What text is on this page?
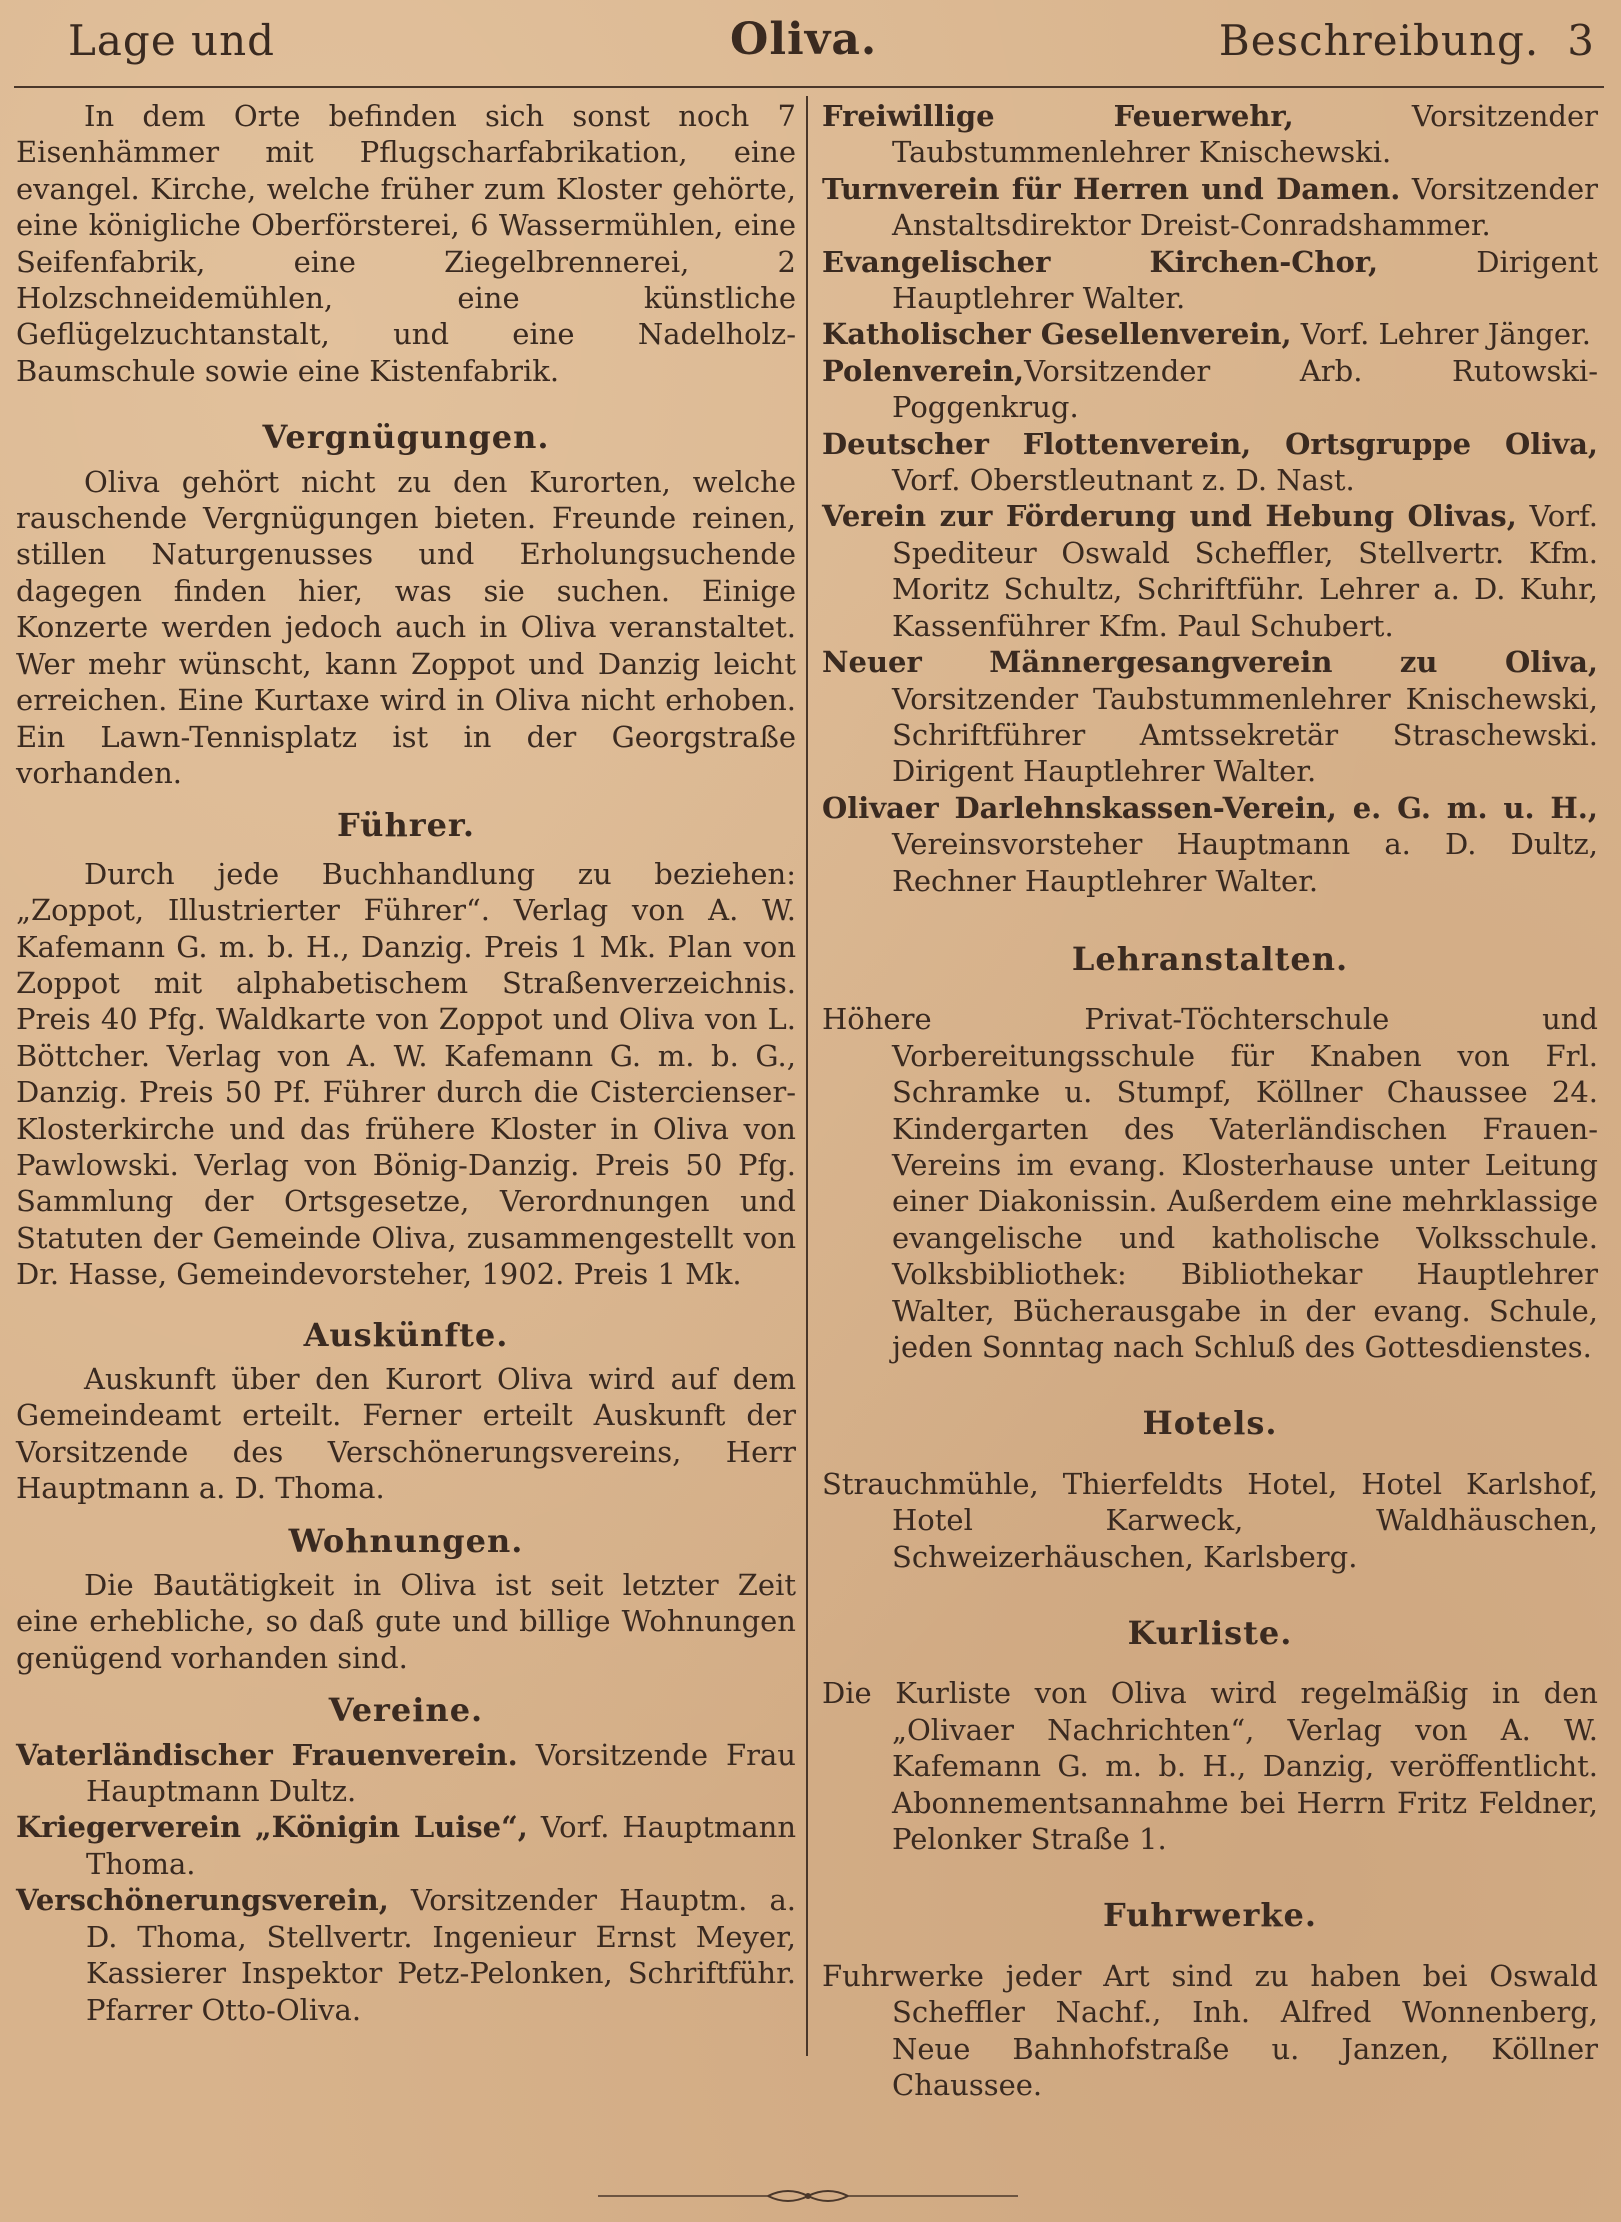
Lage und	Oliva.	Beschreibung. 3

In dem Orte befinden sich sonst noch 7 Eisenhämmer mit Pflugscharfabrikation, eine evangel. Kirche, welche früher zum Kloster gehörte, eine königliche Oberförsterei, 6 Wassermühlen, eine Seifenfabrik, eine Ziegelbrennerei, 2 Holzschneidemühlen, eine künstliche Geflügelzuchtanstalt, und eine Nadelholz-Baumschule sowie eine Kistenfabrik.

Vergnügungen.

Oliva gehört nicht zu den Kurorten, welche rauschende Vergnügungen bieten. Freunde reinen, stillen Naturgenusses und Erholungsuchende dagegen finden hier, was sie suchen. Einige Konzerte werden jedoch auch in Oliva veranstaltet. Wer mehr wünscht, kann Zoppot und Danzig leicht erreichen. Eine Kurtaxe wird in Oliva nicht erhoben. Ein Lawn-Tennisplatz ist in der Georgstraße vorhanden.

Führer.

Durch jede Buchhandlung zu beziehen: „Zoppot, Illustrierter Führer“. Verlag von A. W. Kafemann G. m. b. H., Danzig. Preis 1 Mk. Plan von Zoppot mit alphabetischem Straßenverzeichnis. Preis 40 Pfg. Waldkarte von Zoppot und Oliva von L. Böttcher. Verlag von A. W. Kafemann G. m. b. G., Danzig. Preis 50 Pf. Führer durch die Cistercienser-Klosterkirche und das frühere Kloster in Oliva von Pawlowski. Verlag von Bönig-Danzig. Preis 50 Pfg. Sammlung der Ortsgesetze, Verordnungen und Statuten der Gemeinde Oliva, zusammengestellt von Dr. Hasse, Gemeindevorsteher, 1902. Preis 1 Mk.

Auskünfte.

Auskunft über den Kurort Oliva wird auf dem Gemeindeamt erteilt. Ferner erteilt Auskunft der Vorsitzende des Verschönerungsvereins, Herr Hauptmann a. D. Thoma.

Wohnungen.

Die Bautätigkeit in Oliva ist seit letzter Zeit eine erhebliche, so daß gute und billige Wohnungen genügend vorhanden sind.

Vereine.

Vaterländischer Frauenverein. Vorsitzende Frau Hauptmann Dultz.

Kriegerverein „Königin Luise“, Vorf. Hauptmann Thoma.

Verschönerungsverein, Vorsitzender Hauptm. a. D. Thoma, Stellvertr. Ingenieur Ernst Meyer, Kassierer Inspektor Petz-Pelonken, Schriftführ. Pfarrer Otto-Oliva.

Freiwillige Feuerwehr, Vorsitzender Taubstummenlehrer Knischewski.

Turnverein für Herren und Damen. Vorsitzender Anstaltsdirektor Dreist-Conradshammer.

Evangelischer Kirchen-Chor, Dirigent Hauptlehrer Walter.

Katholischer Gesellenverein, Vorf. Lehrer Jänger.

Polenverein,Vorsitzender Arb. Rutowski-Poggenkrug.

Deutscher Flottenverein, Ortsgruppe Oliva, Vorf. Oberstleutnant z. D. Nast.

Verein zur Förderung und Hebung Olivas, Vorf. Spediteur Oswald Scheffler, Stellvertr. Kfm. Moritz Schultz, Schriftführ. Lehrer a. D. Kuhr, Kassenführer Kfm. Paul Schubert.

Neuer Männergesangverein zu Oliva, Vorsitzender Taubstummenlehrer Knischewski, Schriftführer Amtssekretär Straschewski. Dirigent Hauptlehrer Walter.

Olivaer Darlehnskassen-Verein, e. G. m. u. H., Vereinsvorsteher Hauptmann a. D. Dultz, Rechner Hauptlehrer Walter.

Lehranstalten.

Höhere Privat-Töchterschule und Vorbereitungsschule für Knaben von Frl. Schramke u. Stumpf, Köllner Chaussee 24. Kindergarten des Vaterländischen Frauen-Vereins im evang. Klosterhause unter Leitung einer Diakonissin. Außerdem eine mehrklassige evangelische und katholische Volksschule. Volksbibliothek: Bibliothekar Hauptlehrer Walter, Bücherausgabe in der evang. Schule, jeden Sonntag nach Schluß des Gottesdienstes.

Hotels.

Strauchmühle, Thierfeldts Hotel, Hotel Karlshof, Hotel Karweck, Waldhäuschen, Schweizerhäuschen, Karlsberg.

Kurliste.

Die Kurliste von Oliva wird regelmäßig in den „Olivaer Nachrichten“, Verlag von A. W. Kafemann G. m. b. H., Danzig, veröffentlicht. Abonnementsannahme bei Herrn Fritz Feldner, Pelonker Straße 1.

Fuhrwerke.

Fuhrwerke jeder Art sind zu haben bei Oswald Scheffler Nachf., Inh. Alfred Wonnenberg, Neue Bahnhofstraße u. Janzen, Köllner Chaussee.
